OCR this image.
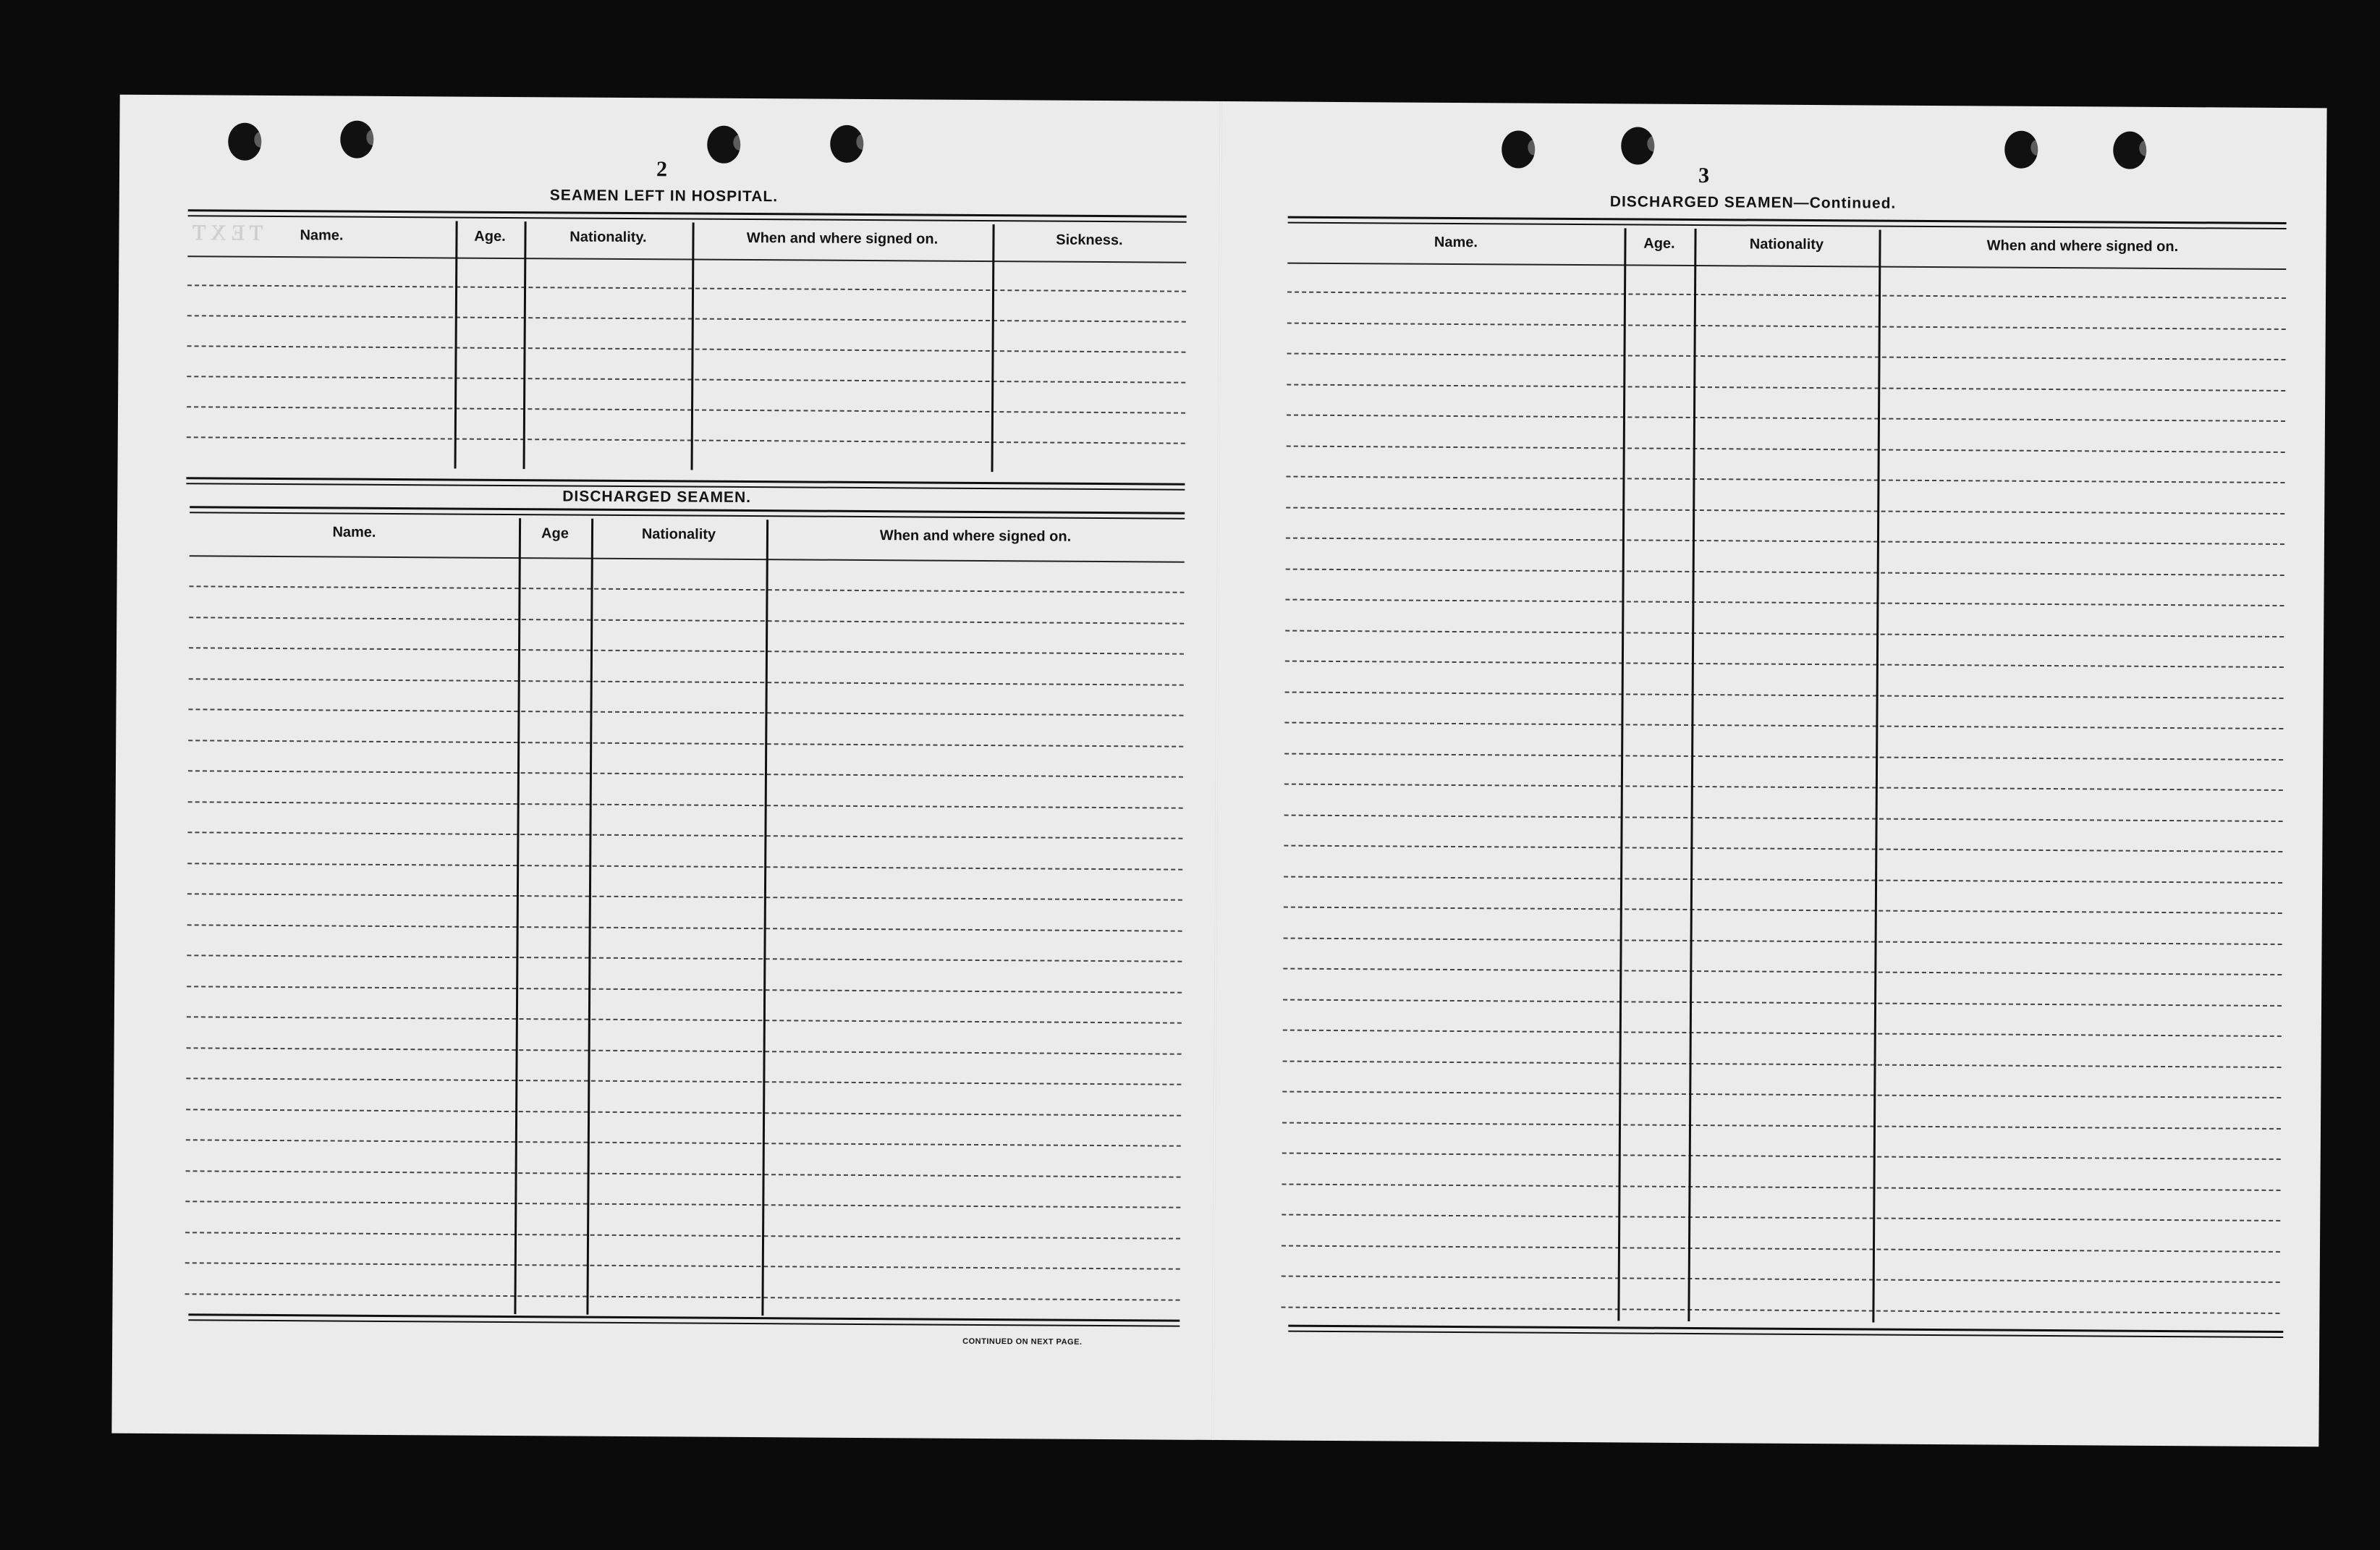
ᴛᴇxᴛ
2
SEAMEN LEFT IN HOSPITAL.
Name.	Age.	Nationality.	When and where signed on.	Sickness.
DISCHARGED SEAMEN.
Name.	Age	Nationality	When and where signed on.
CONTINUED ON NEXT PAGE.
3
DISCHARGED SEAMEN—Continued.
Name.	Age.	Nationality	When and where signed on.
